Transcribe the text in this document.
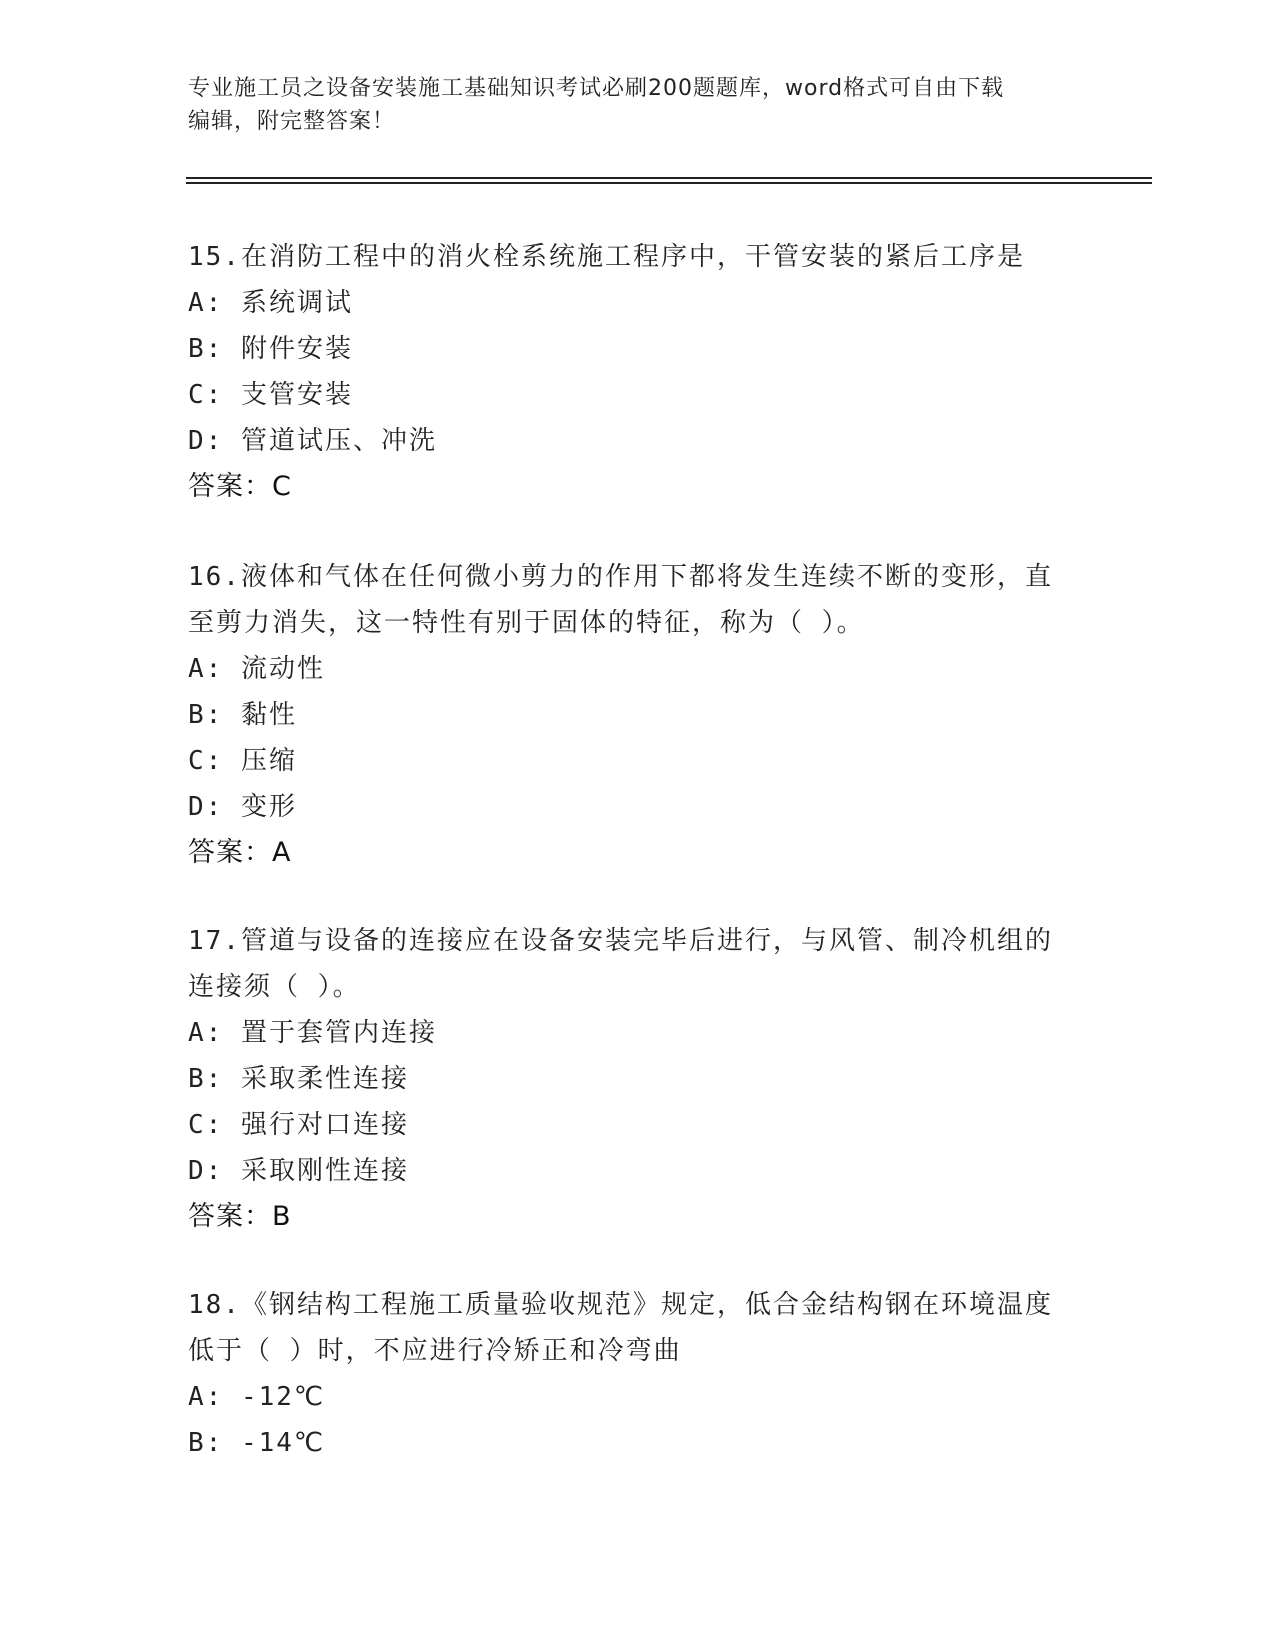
专业施工员之设备安装施工基础知识考试必刷200题题库，word格式可自由下载
编辑，附完整答案！

15.在消防工程中的消火栓系统施工程序中，干管安装的紧后工序是

A: 系统调试

B: 附件安装

C: 支管安装

D: 管道试压、冲洗

答案：C

16.液体和气体在任何微小剪力的作用下都将发生连续不断的变形，直

至剪力消失，这一特性有别于固体的特征，称为（ ）。

A: 流动性

B: 黏性

C: 压缩

D: 变形

答案：A

17.管道与设备的连接应在设备安装完毕后进行，与风管、制冷机组的

连接须（ ）。

A: 置于套管内连接

B: 采取柔性连接

C: 强行对口连接

D: 采取刚性连接

答案：B

18.《钢结构工程施工质量验收规范》规定，低合金结构钢在环境温度

低于（ ）时，不应进行冷矫正和冷弯曲

A: -12℃

B: -14℃
